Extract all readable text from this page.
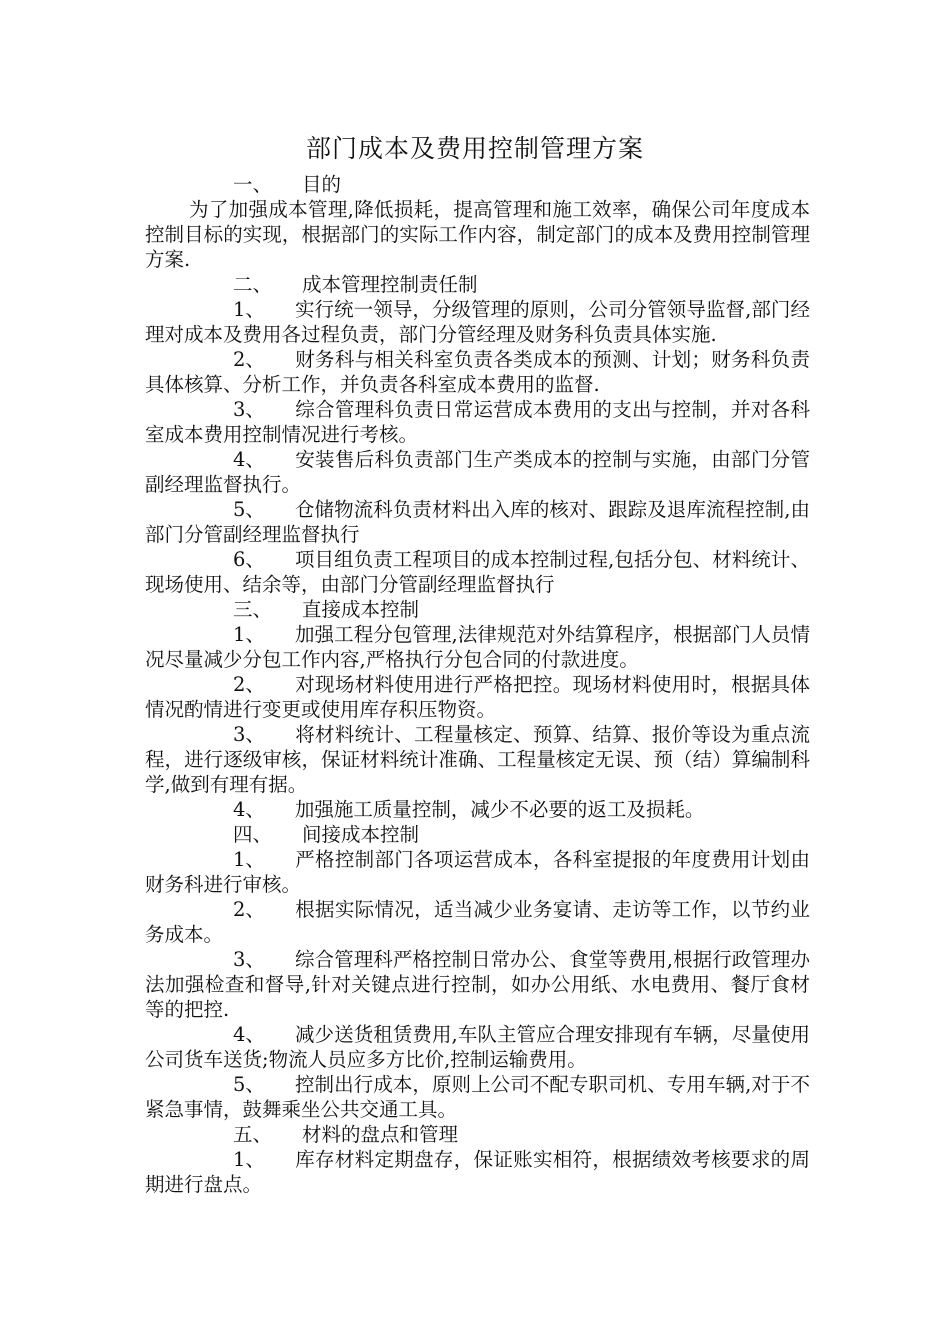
部门成本及费用控制管理方案

一、 目的

为了加强成本管理,降低损耗，提高管理和施工效率，确保公司年度成本控制目标的实现，根据部门的实际工作内容，制定部门的成本及费用控制管理方案.

二、 成本管理控制责任制

1、 实行统一领导，分级管理的原则，公司分管领导监督,部门经理对成本及费用各过程负责，部门分管经理及财务科负责具体实施.

2、 财务科与相关科室负责各类成本的预测、计划；财务科负责具体核算、分析工作，并负责各科室成本费用的监督.

3、 综合管理科负责日常运营成本费用的支出与控制，并对各科室成本费用控制情况进行考核。

4、 安装售后科负责部门生产类成本的控制与实施，由部门分管副经理监督执行。

5、 仓储物流科负责材料出入库的核对、跟踪及退库流程控制,由部门分管副经理监督执行

6、 项目组负责工程项目的成本控制过程,包括分包、材料统计、现场使用、结余等，由部门分管副经理监督执行

三、 直接成本控制

1、 加强工程分包管理,法律规范对外结算程序，根据部门人员情况尽量减少分包工作内容,严格执行分包合同的付款进度。

2、 对现场材料使用进行严格把控。现场材料使用时，根据具体情况酌情进行变更或使用库存积压物资。

3、 将材料统计、工程量核定、预算、结算、报价等设为重点流程，进行逐级审核，保证材料统计准确、工程量核定无误、预（结）算编制科学,做到有理有据。

4、 加强施工质量控制，减少不必要的返工及损耗。

四、 间接成本控制

1、 严格控制部门各项运营成本，各科室提报的年度费用计划由财务科进行审核。

2、 根据实际情况，适当减少业务宴请、走访等工作，以节约业务成本。

3、 综合管理科严格控制日常办公、食堂等费用,根据行政管理办法加强检查和督导,针对关键点进行控制，如办公用纸、水电费用、餐厅食材等的把控.

4、 减少送货租赁费用,车队主管应合理安排现有车辆，尽量使用公司货车送货;物流人员应多方比价,控制运输费用。

5、 控制出行成本，原则上公司不配专职司机、专用车辆,对于不紧急事情，鼓舞乘坐公共交通工具。

五、 材料的盘点和管理

1、 库存材料定期盘存，保证账实相符，根据绩效考核要求的周期进行盘点。
